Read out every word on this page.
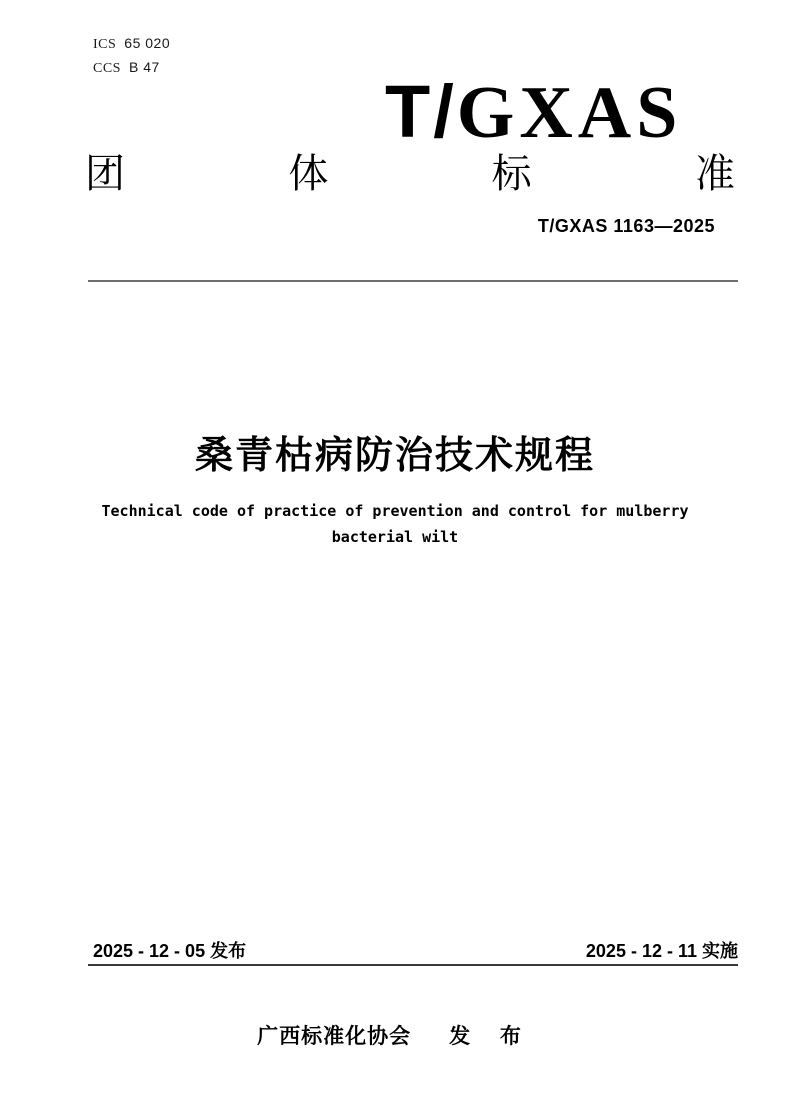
ICS 65 020
CCS B 47
T/GXAS
团	体	标	准
T/GXAS 1163—2025
桑青枯病防治技术规程
Technical code of practice of prevention and control for mulberry
bacterial wilt
2025 - 12 - 05 发布	2025 - 12 - 11 实施
广西标准化协会 发 布
